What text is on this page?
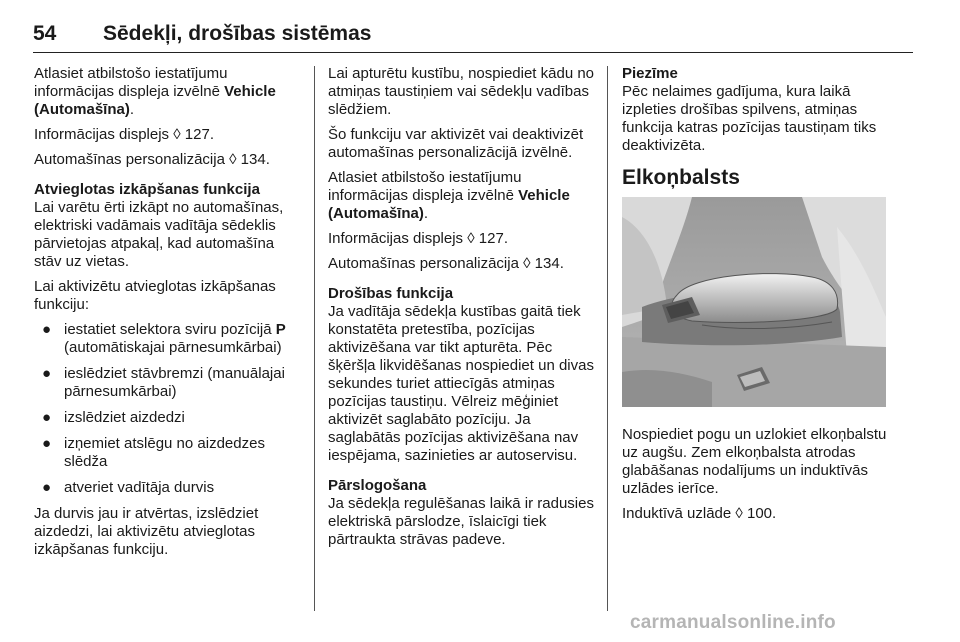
54 Sēdekļi, drošības sistēmas

Atlasiet atbilstošo iestatījumu informācijas displeja izvēlnē Vehicle (Automašīna).

Informācijas displejs ◊ 127.

Automašīnas personalizācija ◊ 134.

Atvieglotas izkāpšanas funkcija

Lai varētu ērti izkāpt no automašīnas, elektriski vadāmais vadītāja sēdeklis pārvietojas atpakaļ, kad automašīna stāv uz vietas.

Lai aktivizētu atvieglotas izkāpšanas funkciju:

● iestatiet selektora sviru pozīcijā P (automātiskajai pārnesumkārbai)
● ieslēdziet stāvbremzi (manuālajai pārnesumkārbai)
● izslēdziet aizdedzi
● izņemiet atslēgu no aizdedzes slēdža
● atveriet vadītāja durvis

Ja durvis jau ir atvērtas, izslēdziet aizdedzi, lai aktivizētu atvieglotas izkāpšanas funkciju.

Lai apturētu kustību, nospiediet kādu no atmiņas taustiņiem vai sēdekļu vadības slēdžiem.

Šo funkciju var aktivizēt vai deaktivizēt automašīnas personalizācijā izvēlnē.

Atlasiet atbilstošo iestatījumu informācijas displeja izvēlnē Vehicle (Automašīna).

Informācijas displejs ◊ 127.

Automašīnas personalizācija ◊ 134.

Drošības funkcija

Ja vadītāja sēdekļa kustības gaitā tiek konstatēta pretestība, pozīcijas aktivizēšana var tikt apturēta. Pēc šķēršļa likvidēšanas nospiediet un divas sekundes turiet attiecīgās atmiņas pozīcijas taustiņu. Vēlreiz mēģiniet aktivizēt saglabāto pozīciju. Ja saglabātās pozīcijas aktivizēšana nav iespējama, sazinieties ar autoservisu.

Pārslogošana

Ja sēdekļa regulēšanas laikā ir radusies elektriskā pārslodze, īslaicīgi tiek pārtraukta strāvas padeve.

Piezīme

Pēc nelaimes gadījuma, kura laikā izpleties drošības spilvens, atmiņas funkcija katras pozīcijas taustiņam tiks deaktivizēta.

Elkoņbalsts

Nospiediet pogu un uzlokiet elkoņbalstu uz augšu. Zem elkoņbalsta atrodas glabāšanas nodalījums un induktīvās uzlādes ierīce.

Induktīvā uzlāde ◊ 100.

carmanualsonline.info
